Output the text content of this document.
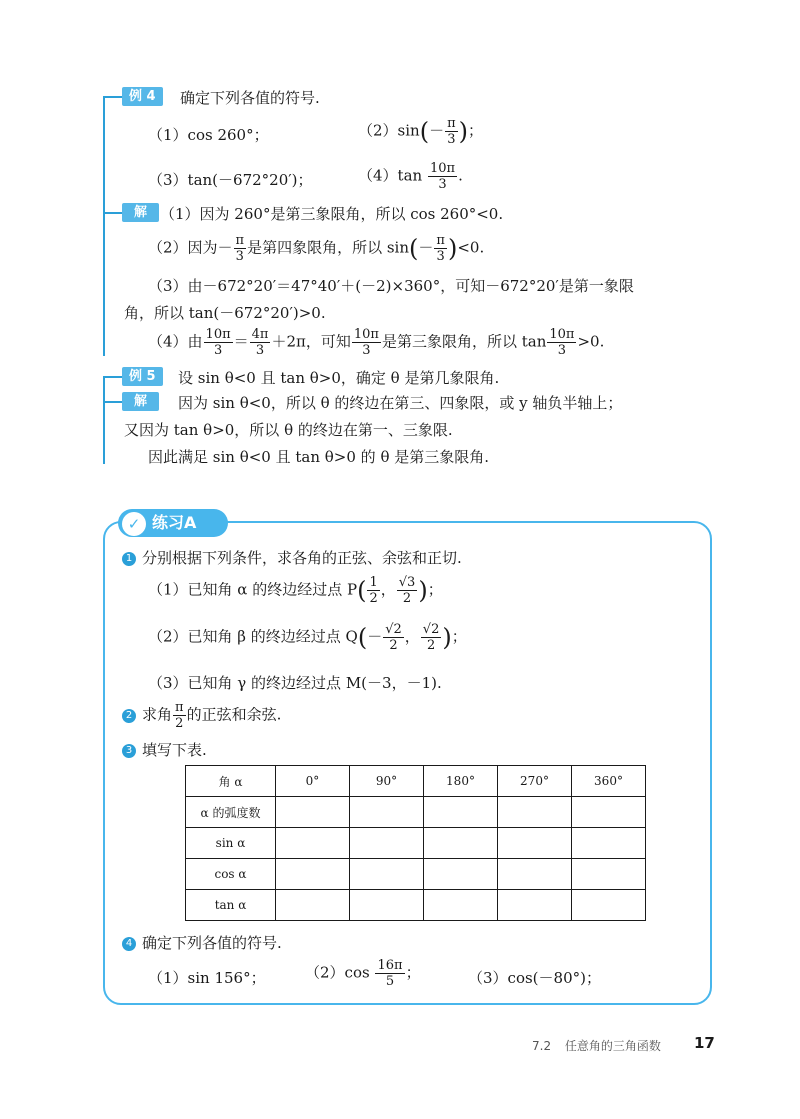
例 4	确定下列各值的符号.
（1）cos 260°；	$(2)\sin(- \frac{\pi}{3}$ )；
（3）tan(－672°20′)；	$(4)\tan \frac{10\pi}{3}$ .
解 （1）因为 260°是第三象限角，所以 cos 260°<0.
（2）因为－ $\frac{\pi}{3}$ 是第四象限角，所以 $\sin(- \frac{\pi}{3} )<0$.
（3）由－672°20′＝47°40′＋(－2)×360°，可知－672°20′是第一象限
角，所以 tan(－672°20′)>0.
（4）由 $\frac{10\pi}{3} = \frac{4\pi}{3} +2\pi$，可知 $\frac{10\pi}{3}$ 是第三象限角，所以 $\tan \frac{10\pi}{3} >0$.
例 5	设 sin θ<0 且 tan θ>0，确定 θ 是第几象限角.
解	因为 sin θ<0，所以 θ 的终边在第三、四象限，或 y 轴负半轴上；
又因为 tan θ>0，所以 θ 的终边在第一、三象限.
因此满足 sin θ<0 且 tan θ>0 的 θ 是第三象限角.
✓ 练习A
1 分别根据下列条件，求各角的正弦、余弦和正切.
（1）已知角 α 的终边经过点 $P( \frac{1}{2}$ ， $\frac{√3}{2}$ )；
（2）已知角 β 的终边经过点 $Q(- \frac{√2}{2}$ ， $\frac{√2}{2}$ )；
（3）已知角 γ 的终边经过点 M(－3，－1).
2 求角 $\frac{\pi}{2}$ 的正弦和余弦.
3 填写下表.
角 α	0°	90°	180°	270°	360°
α 的弧度数					
sin α					
cos α					
tan α					
4 确定下列各值的符号.
（1）sin 156°；	$(2)\cos \frac{16\pi}{5}$ ；	（3）cos(－80°)；
7.2 任意角的三角函数 17
